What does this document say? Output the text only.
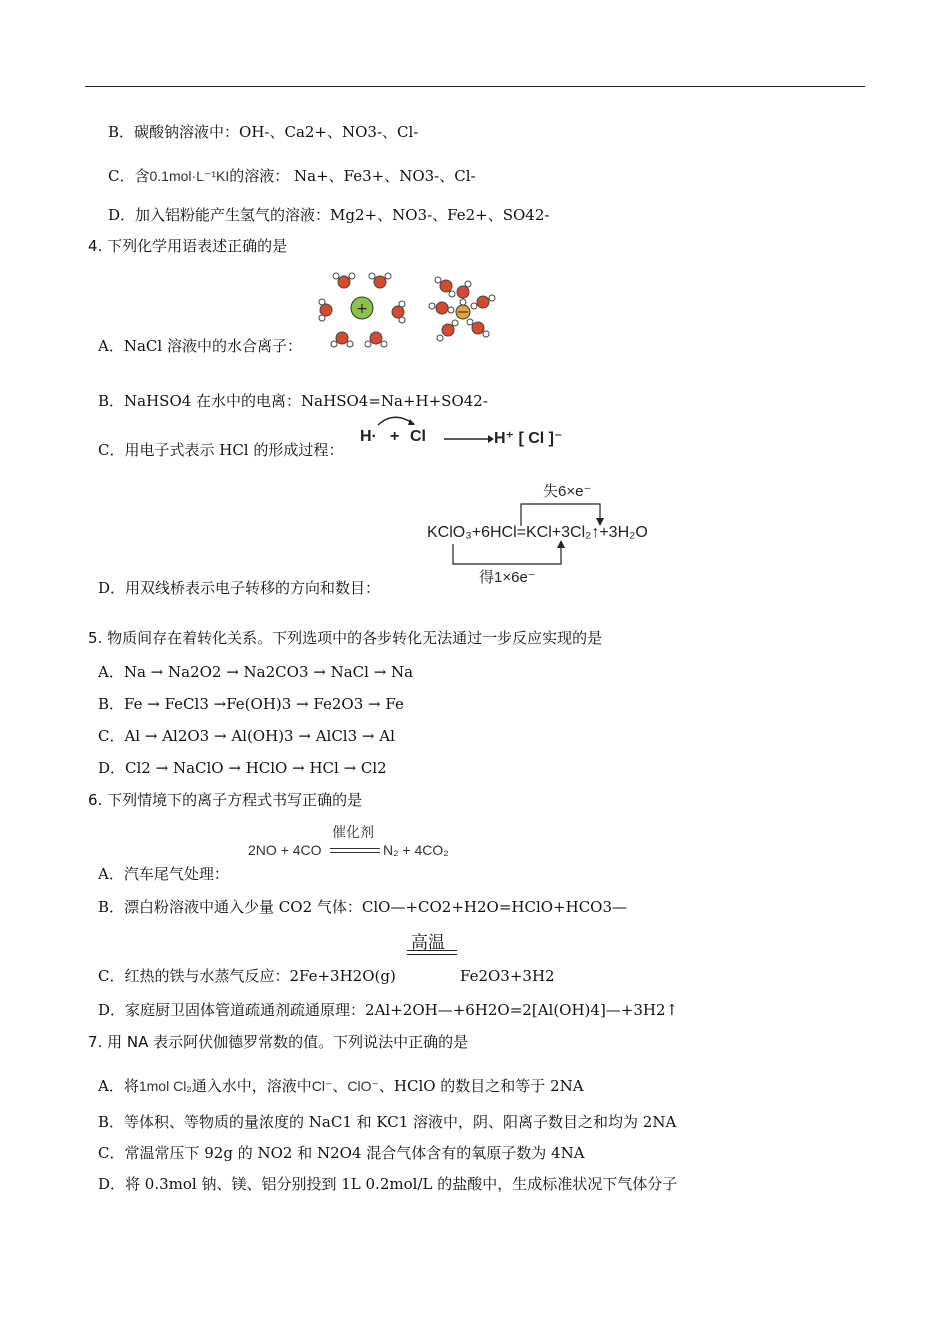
B．碳酸钠溶液中：OH-、Ca2+、NO3-、Cl-
C．含0.1mol·L⁻¹KI的溶液： Na+、Fe3+、NO3-、Cl-
D．加入铝粉能产生氢气的溶液：Mg2+、NO3-、Fe2+、SO42-
4. 下列化学用语表述正确的是
+
A．NaCl 溶液中的水合离子：
B．NaHSO4 在水中的电离：NaHSO4=Na+H+SO42-
H· + Cl → H⁺ [ Cl ]⁻
C．用电子式表示 HCl 的形成过程：
失6×e⁻
KClO₃+6HCl=KCl+3Cl₂↑+3H₂O
得1×6e⁻
D．用双线桥表示电子转移的方向和数目：
5. 物质间存在着转化关系。下列选项中的各步转化无法通过一步反应实现的是
A．Na → Na2O2 → Na2CO3 → NaCl → Na
B．Fe → FeCl3 →Fe(OH)3 → Fe2O3 → Fe
C．Al → Al2O3 → Al(OH)3 → AlCl3 → Al
D．Cl2 → NaClO → HClO → HCl → Cl2
6. 下列情境下的离子方程式书写正确的是
催化剂
2NO + 4CO	N₂ + 4CO₂
A．汽车尾气处理：
B．漂白粉溶液中通入少量 CO2 气体：ClO—+CO2+H2O=HClO+HCO3—
高温
C．红热的铁与水蒸气反应：2Fe+3H2O(g)	Fe2O3+3H2
D．家庭厨卫固体管道疏通剂疏通原理：2Al+2OH—+6H2O=2[Al(OH)4]—+3H2↑
7. 用 NA 表示阿伏伽德罗常数的值。下列说法中正确的是
A．将1mol Cl₂通入水中，溶液中Cl⁻、ClO⁻、HClO 的数目之和等于 2NA
B．等体积、等物质的量浓度的 NaC1 和 KC1 溶液中，阴、阳离子数目之和均为 2NA
C．常温常压下 92g 的 NO2 和 N2O4 混合气体含有的氧原子数为 4NA
D．将 0.3mol 钠、镁、铝分别投到 1L 0.2mol/L 的盐酸中，生成标准状况下气体分子
